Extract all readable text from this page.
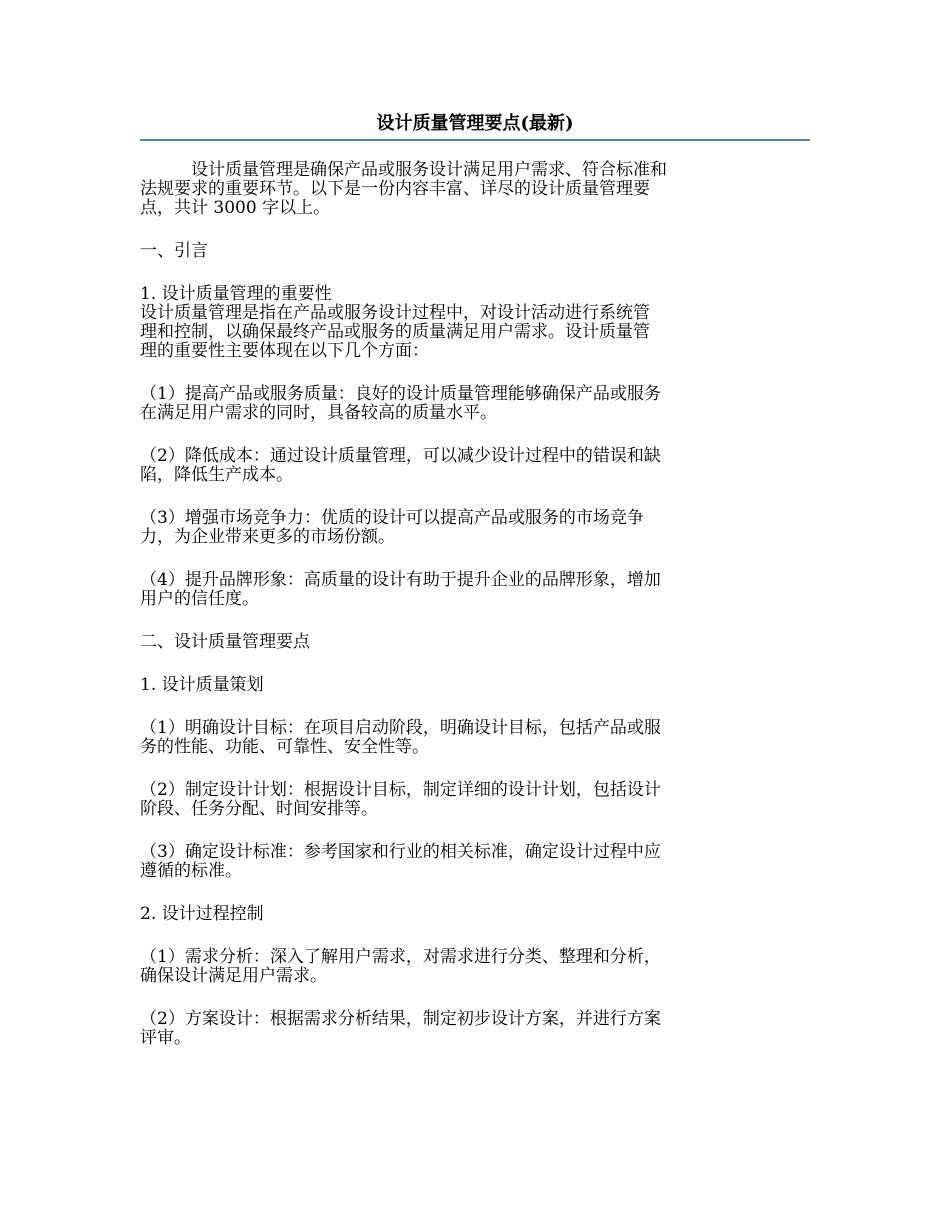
设计质量管理要点(最新)

　　　设计质量管理是确保产品或服务设计满足用户需求、符合标准和
法规要求的重要环节。以下是一份内容丰富、详尽的设计质量管理要
点，共计 3000 字以上。

一、引言

1. 设计质量管理的重要性
设计质量管理是指在产品或服务设计过程中，对设计活动进行系统管
理和控制，以确保最终产品或服务的质量满足用户需求。设计质量管
理的重要性主要体现在以下几个方面：

（1）提高产品或服务质量：良好的设计质量管理能够确保产品或服务
在满足用户需求的同时，具备较高的质量水平。

（2）降低成本：通过设计质量管理，可以减少设计过程中的错误和缺
陷，降低生产成本。

（3）增强市场竞争力：优质的设计可以提高产品或服务的市场竞争
力，为企业带来更多的市场份额。

（4）提升品牌形象：高质量的设计有助于提升企业的品牌形象，增加
用户的信任度。

二、设计质量管理要点

1. 设计质量策划

（1）明确设计目标：在项目启动阶段，明确设计目标，包括产品或服
务的性能、功能、可靠性、安全性等。

（2）制定设计计划：根据设计目标，制定详细的设计计划，包括设计
阶段、任务分配、时间安排等。

（3）确定设计标准：参考国家和行业的相关标准，确定设计过程中应
遵循的标准。

2. 设计过程控制

（1）需求分析：深入了解用户需求，对需求进行分类、整理和分析，
确保设计满足用户需求。

（2）方案设计：根据需求分析结果，制定初步设计方案，并进行方案
评审。
